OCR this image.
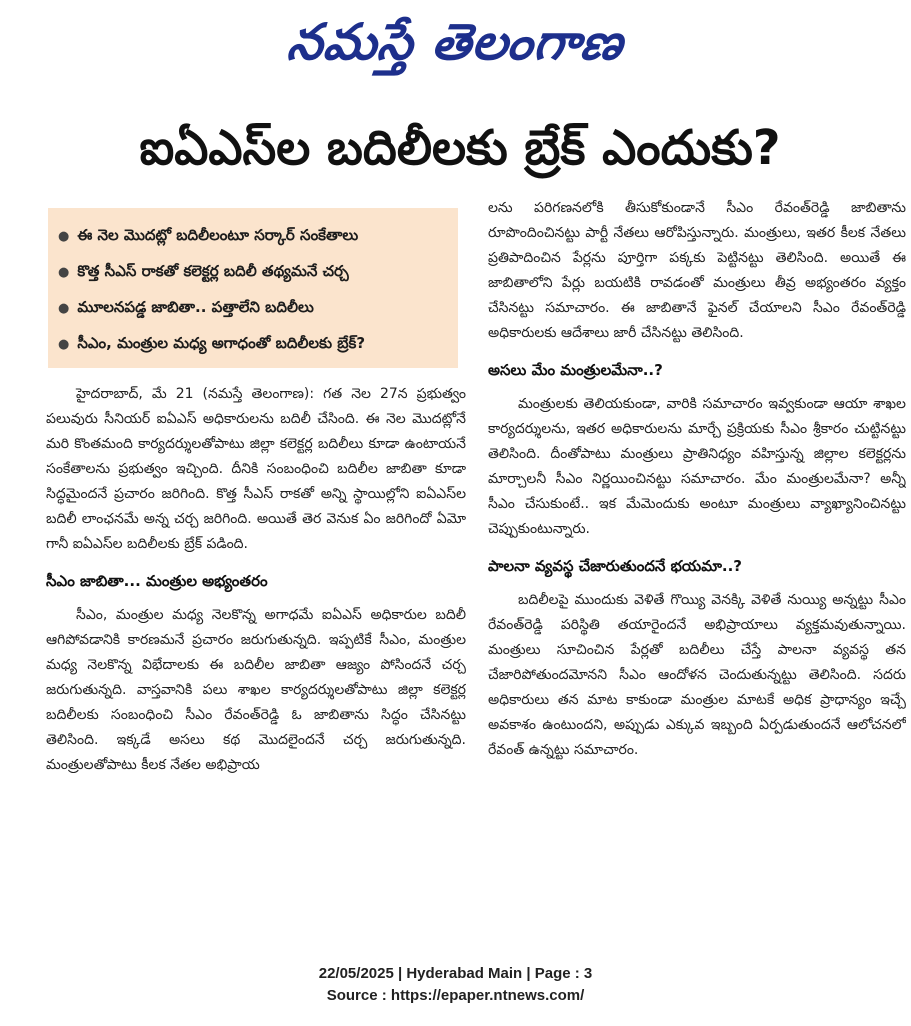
నమస్తే తెలంగాణ
ఐఏఎస్‌ల బదిలీలకు బ్రేక్‌ ఎందుకు?
● ఈ నెల మొదట్లో బదిలీలంటూ సర్కార్‌ సంకేతాలు
● కొత్త సీఎస్‌ రాకతో కలెక్టర్ల బదిలీ తథ్యమనే చర్చ
● మూలనపడ్డ జాబితా.. పత్తాలేని బదిలీలు
● సీఎం, మంత్రుల మధ్య అగాధంతో బదిలీలకు బ్రేక్‌?

హైదరాబాద్‌, మే 21 (నమస్తే తెలంగాణ): గత నెల 27న ప్రభుత్వం పలువురు సీనియర్‌ ఐఏఎస్‌ అధికారులను బదిలీ చేసింది. ఈ నెల మొదట్లోనే మరి కొంతమంది కార్యదర్శులతోపాటు జిల్లా కలెక్టర్ల బదిలీలు కూడా ఉంటాయనే సంకేతాలను ప్రభుత్వం ఇచ్చింది. దీనికి సంబంధించి బదిలీల జాబితా కూడా సిద్ధమైందనే ప్రచారం జరిగింది. కొత్త సీఎస్‌ రాకతో అన్ని స్థాయిల్లోని ఐఏఎస్‌ల బదిలీ లాంఛనమే అన్న చర్చ జరిగింది. అయితే తెర వెనుక ఏం జరిగిందో ఏమో గానీ ఐఏఎస్‌ల బదిలీలకు బ్రేక్‌ పడింది.

సీఎం జాబితా... మంత్రుల అభ్యంతరం

సీఎం, మంత్రుల మధ్య నెలకొన్న అగాధమే ఐఏఎస్‌ అధికారుల బదిలీ ఆగిపోవడానికి కారణమనే ప్రచారం జరుగుతున్నది. ఇప్పటికే సీఎం, మంత్రుల మధ్య నెలకొన్న విభేదాలకు ఈ బదిలీల జాబితా ఆజ్యం పోసిందనే చర్చ జరుగుతున్నది. వాస్తవానికి పలు శాఖల కార్యదర్శులతోపాటు జిల్లా కలెక్టర్ల బదిలీలకు సంబంధించి సీఎం రేవంత్‌రెడ్డి ఓ జాబితాను సిద్ధం చేసినట్టు తెలిసింది. ఇక్కడే అసలు కథ మొదలైందనే చర్చ జరుగుతున్నది. మంత్రులతోపాటు కీలక నేతల అభిప్రాయ

లను పరిగణనలోకి తీసుకోకుండానే సీఎం రేవంత్‌రెడ్డి జాబితాను రూపొందించినట్టు పార్టీ నేతలు ఆరోపిస్తున్నారు. మంత్రులు, ఇతర కీలక నేతలు ప్రతిపాదించిన పేర్లను పూర్తిగా పక్కకు పెట్టినట్టు తెలిసింది. అయితే ఈ జాబితాలోని పేర్లు బయటికి రావడంతో మంత్రులు తీవ్ర అభ్యంతరం వ్యక్తం చేసినట్టు సమాచారం. ఈ జాబితానే ఫైనల్‌ చేయాలని సీఎం రేవంత్‌రెడ్డి అధికారులకు ఆదేశాలు జారీ చేసినట్టు తెలిసింది.

అసలు మేం మంత్రులమేనా..?

మంత్రులకు తెలియకుండా, వారికి సమాచారం ఇవ్వకుండా ఆయా శాఖల కార్యదర్శులను, ఇతర అధికారులను మార్చే ప్రక్రియకు సీఎం శ్రీకారం చుట్టినట్టు తెలిసింది. దీంతోపాటు మంత్రులు ప్రాతినిధ్యం వహిస్తున్న జిల్లాల కలెక్టర్లను మార్చాలనీ సీఎం నిర్ణయించినట్టు సమాచారం. మేం మంత్రులమేనా? అన్నీ సీఎం చేసుకుంటే.. ఇక మేమెందుకు అంటూ మంత్రులు వ్యాఖ్యానించినట్టు చెప్పుకుంటున్నారు.

పాలనా వ్యవస్థ చేజారుతుందనే భయమా..?

బదిలీలపై ముందుకు వెళితే గొయ్యి వెనక్కి వెళితే నుయ్యి అన్నట్టు సీఎం రేవంత్‌రెడ్డి పరిస్థితి తయారైందనే అభిప్రాయాలు వ్యక్తమవుతున్నాయి. మంత్రులు సూచించిన పేర్లతో బదిలీలు చేస్తే పాలనా వ్యవస్థ తన చేజారిపోతుందమోనని సీఎం ఆందోళన చెందుతున్నట్టు తెలిసింది. సదరు అధికారులు తన మాట కాకుండా మంత్రుల మాటకే అధిక ప్రాధాన్యం ఇచ్చే అవకాశం ఉంటుందని, అప్పుడు ఎక్కువ ఇబ్బంది ఏర్పడుతుందనే ఆలోచనలో రేవంత్‌ ఉన్నట్టు సమాచారం.

22/05/2025 | Hyderabad Main | Page : 3
Source : https://epaper.ntnews.com/
